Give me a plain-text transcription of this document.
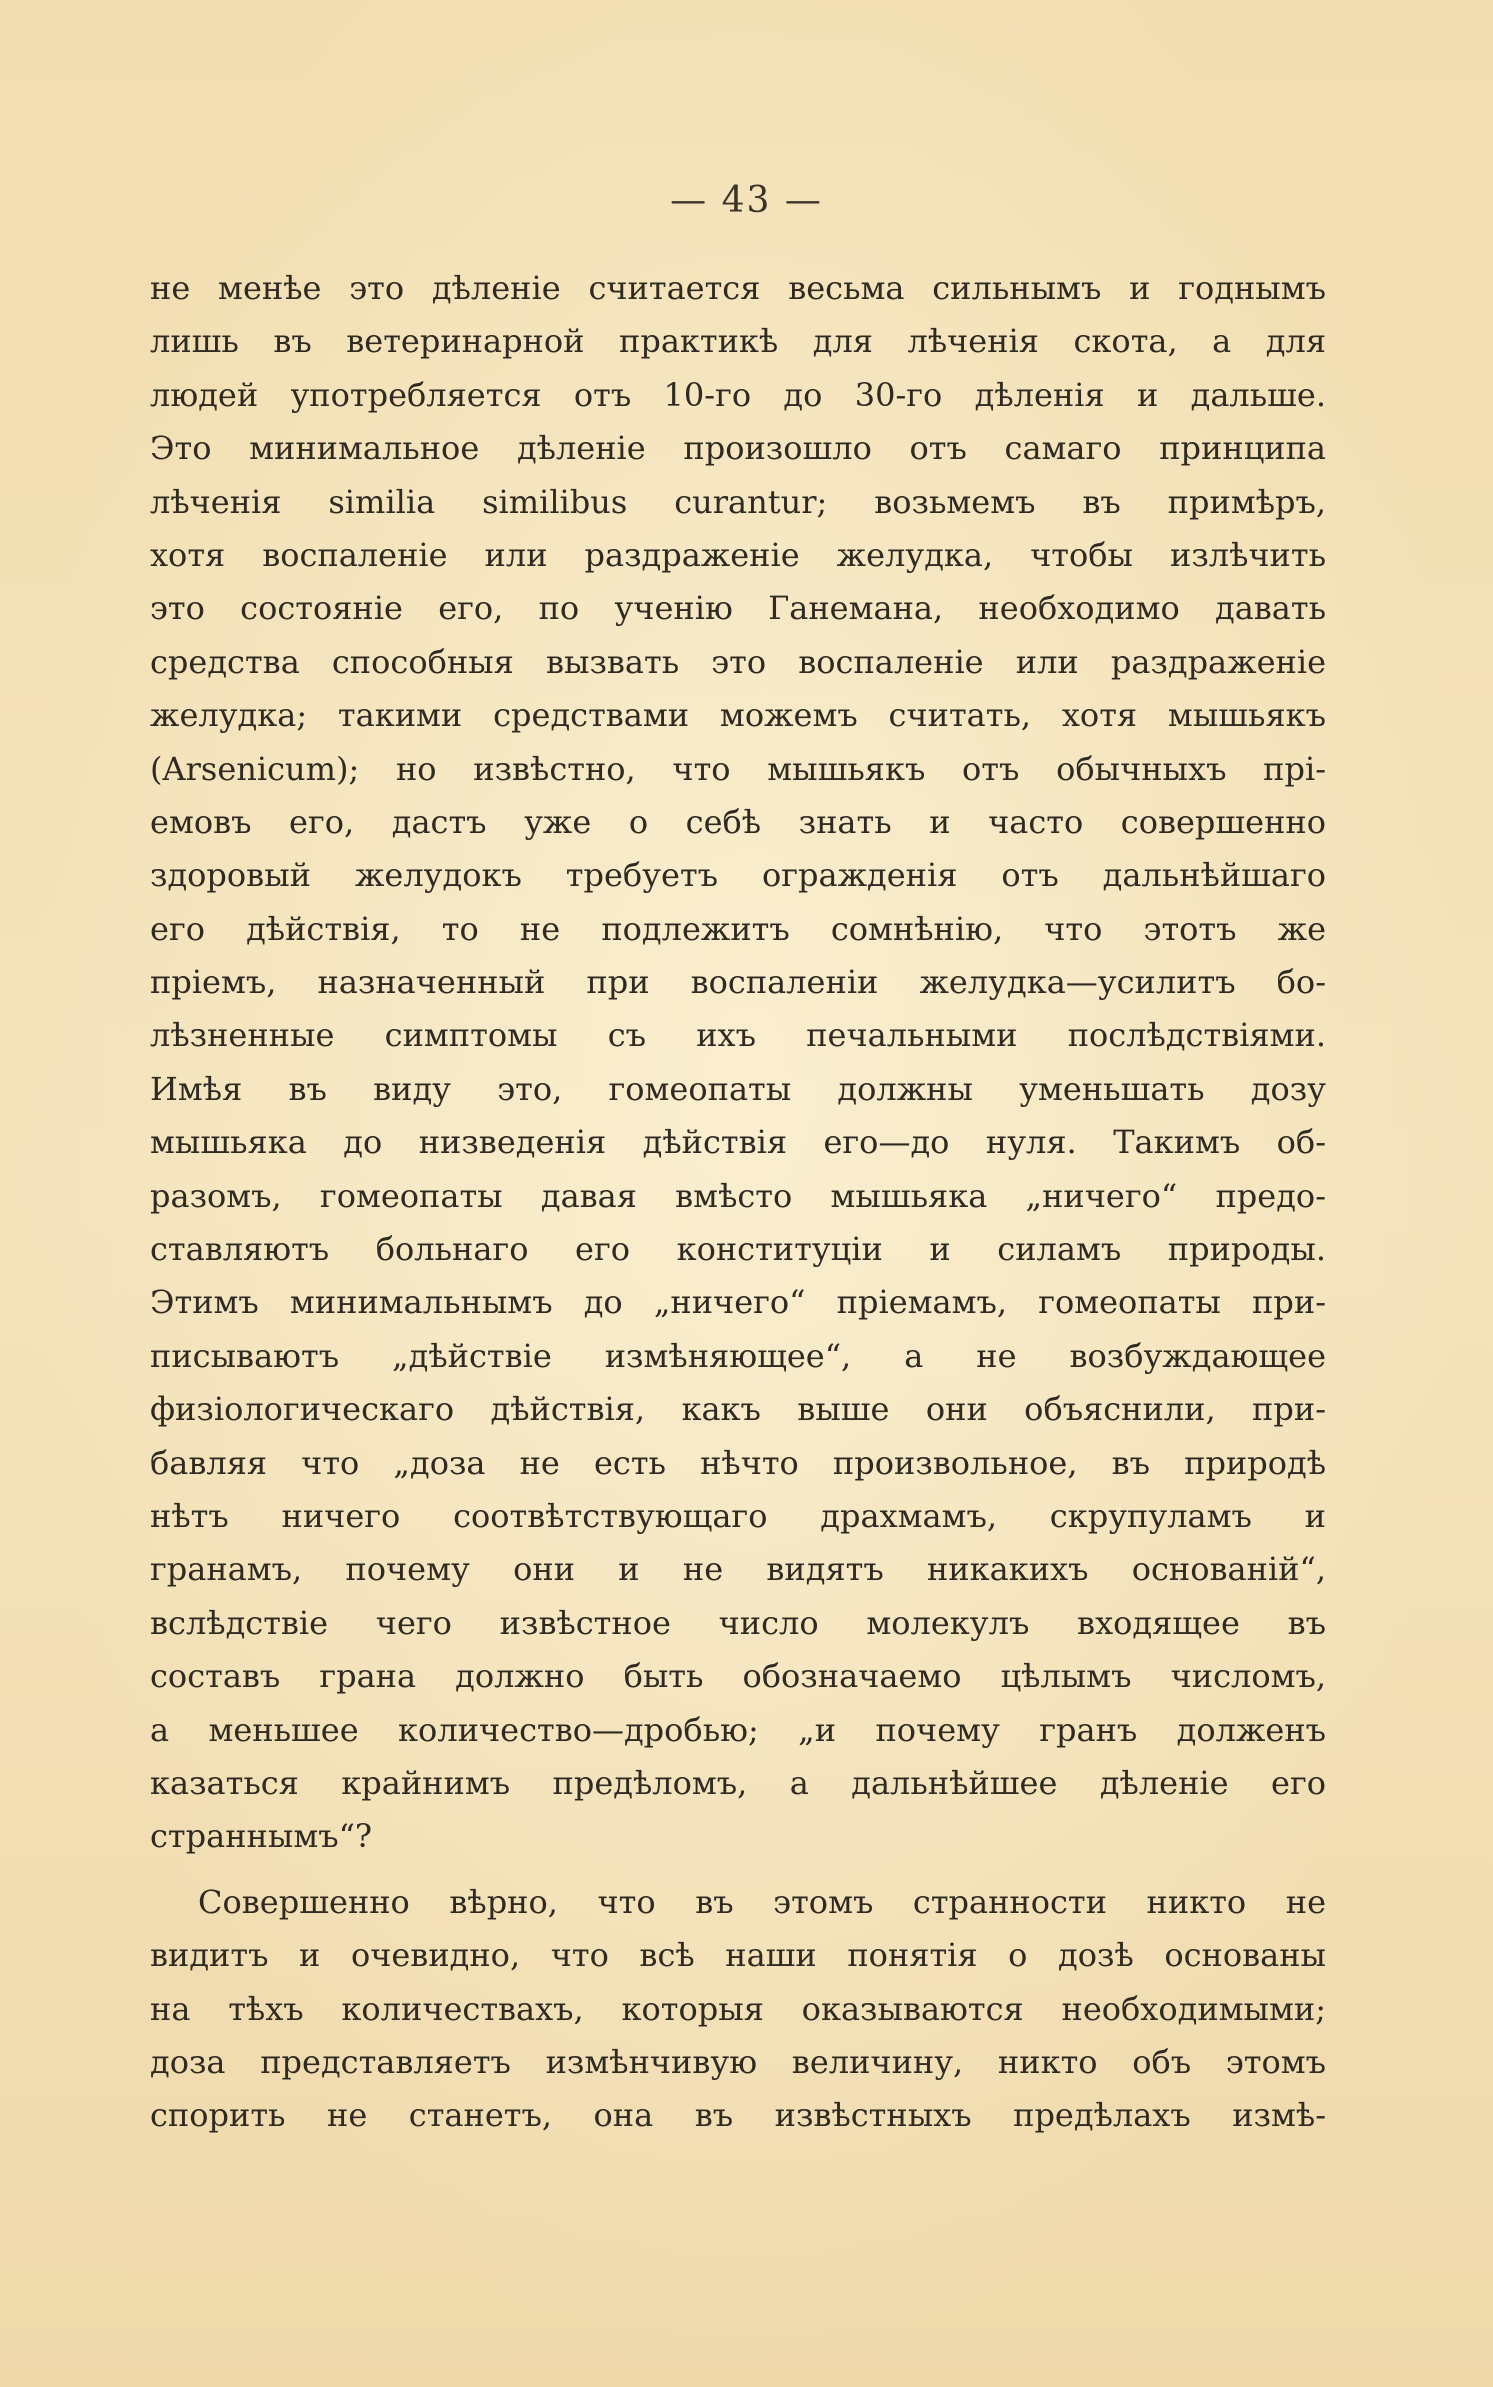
— 43 —
не менѣе это дѣленіе считается весьма сильнымъ и годнымъ
лишь въ ветеринарной практикѣ для лѣченія скота, а для
людей употребляется отъ 10-го до 30-го дѣленія и дальше.
Это минимальное дѣленіе произошло отъ самаго принципа
лѣченія similia similibus curantur; возьмемъ въ примѣръ,
хотя воспаленіе или раздраженіе желудка, чтобы излѣчить
это состояніе его, по ученію Ганемана, необходимо давать
средства способныя вызвать это воспаленіе или раздраженіе
желудка; такими средствами можемъ считать, хотя мышьякъ
(Arsenicum); но извѣстно, что мышьякъ отъ обычныхъ прі-
емовъ его, дастъ уже о себѣ знать и часто совершенно
здоровый желудокъ требуетъ огражденія отъ дальнѣйшаго
его дѣйствія, то не подлежитъ сомнѣнію, что этотъ же
пріемъ, назначенный при воспаленіи желудка—усилитъ бо-
лѣзненные симптомы съ ихъ печальными послѣдствіями.
Имѣя въ виду это, гомеопаты должны уменьшать дозу
мышьяка до низведенія дѣйствія его—до нуля. Такимъ об-
разомъ, гомеопаты давая вмѣсто мышьяка „ничего“ предо-
ставляютъ больнаго его конституціи и силамъ природы.
Этимъ минимальнымъ до „ничего“ пріемамъ, гомеопаты при-
писываютъ „дѣйствіе измѣняющее“, а не возбуждающее
физіологическаго дѣйствія, какъ выше они объяснили, при-
бавляя что „доза не есть нѣчто произвольное, въ природѣ
нѣтъ ничего соотвѣтствующаго драхмамъ, скрупуламъ и
гранамъ, почему они и не видятъ никакихъ основаній“,
вслѣдствіе чего извѣстное число молекулъ входящее въ
составъ грана должно быть обозначаемо цѣлымъ числомъ,
а меньшее количество—дробью; „и почему гранъ долженъ
казаться крайнимъ предѣломъ, а дальнѣйшее дѣленіе его
страннымъ“?
Совершенно вѣрно, что въ этомъ странности никто не
видитъ и очевидно, что всѣ наши понятія о дозѣ основаны
на тѣхъ количествахъ, которыя оказываются необходимыми;
доза представляетъ измѣнчивую величину, никто объ этомъ
спорить не станетъ, она въ извѣстныхъ предѣлахъ измѣ-
